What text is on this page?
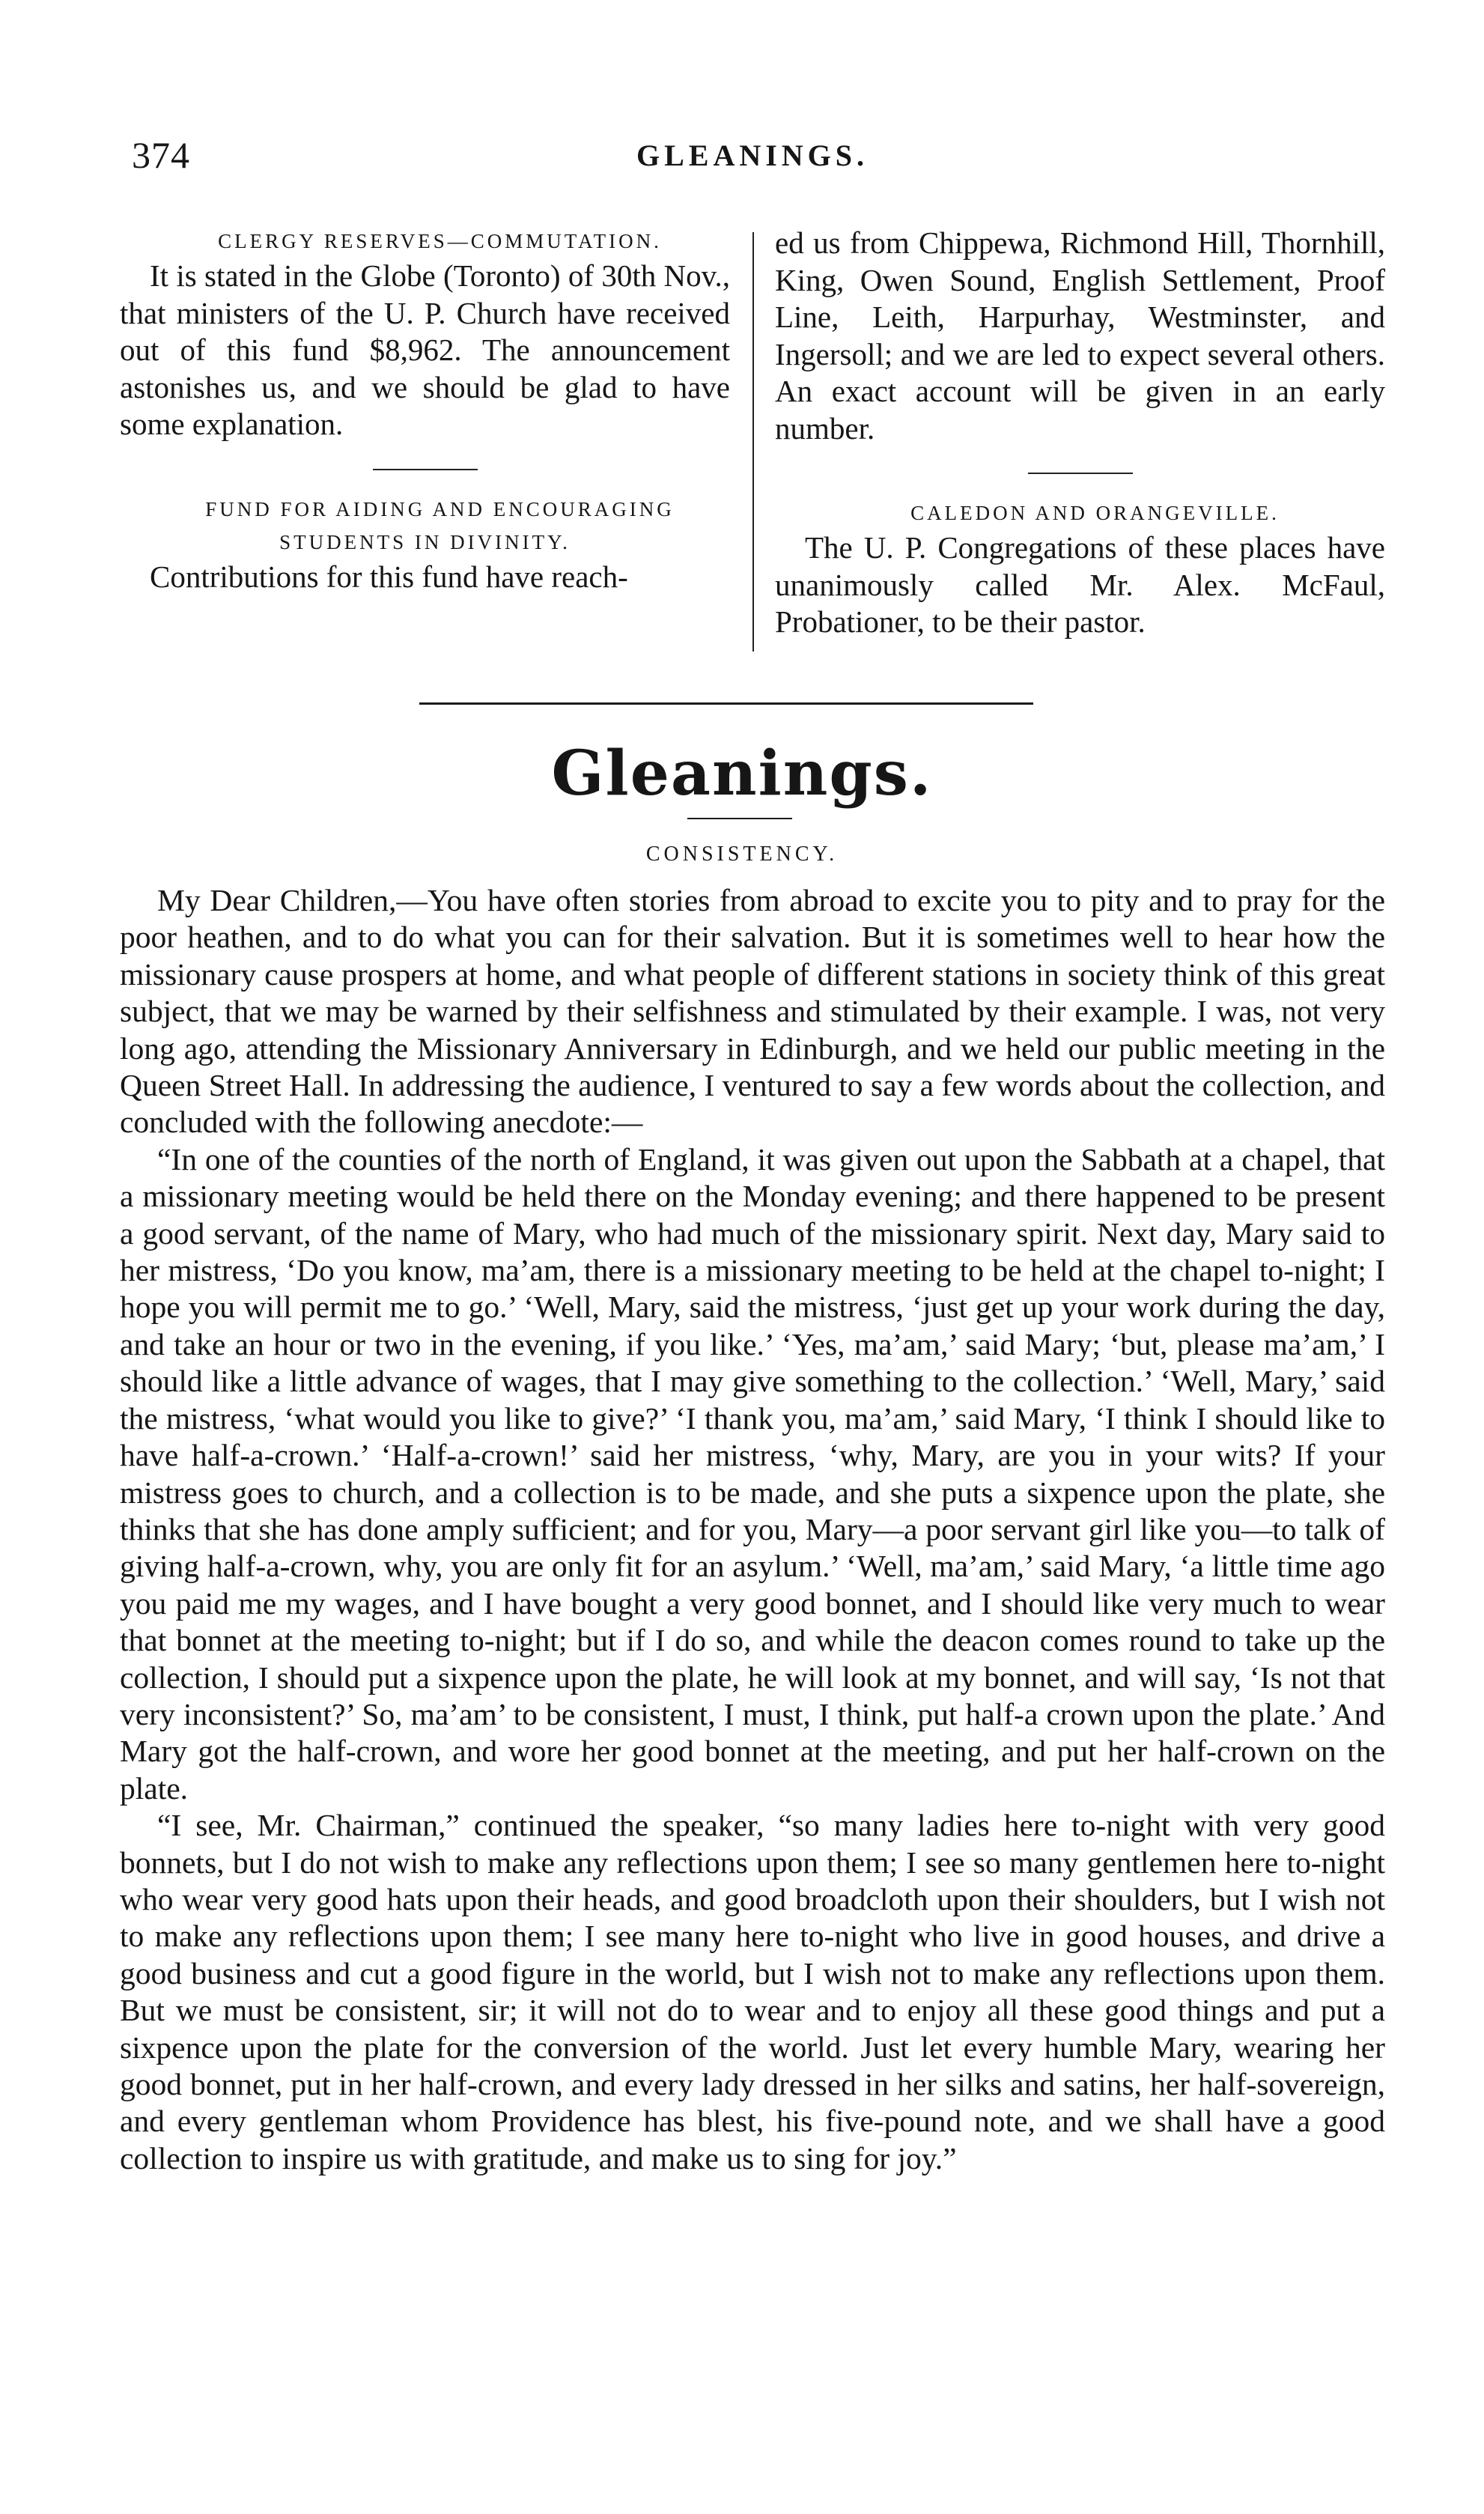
374	GLEANINGS.

CLERGY RESERVES—COMMUTATION.

It is stated in the Globe (Toronto) of 30th Nov., that ministers of the U. P. Church have received out of this fund $8,962. The announcement astonishes us, and we should be glad to have some explanation.

FUND FOR AIDING AND ENCOURAGING STUDENTS IN DIVINITY.

Contributions for this fund have reach-

ed us from Chippewa, Richmond Hill, Thornhill, King, Owen Sound, English Settlement, Proof Line, Leith, Harpurhay, Westminster, and Ingersoll; and we are led to expect several others. An exact account will be given in an early number.

CALEDON AND ORANGEVILLE.

The U. P. Congregations of these places have unanimously called Mr. Alex. McFaul, Probationer, to be their pastor.

Gleanings.
CONSISTENCY.

My Dear Children,—You have often stories from abroad to excite you to pity and to pray for the poor heathen, and to do what you can for their salvation. But it is sometimes well to hear how the missionary cause prospers at home, and what people of different stations in society think of this great subject, that we may be warned by their selfishness and stimulated by their example. I was, not very long ago, attending the Missionary Anniversary in Edinburgh, and we held our public meeting in the Queen Street Hall. In addressing the audience, I ventured to say a few words about the collection, and concluded with the following anecdote:—

“In one of the counties of the north of England, it was given out upon the Sabbath at a chapel, that a missionary meeting would be held there on the Monday evening; and there happened to be present a good servant, of the name of Mary, who had much of the missionary spirit. Next day, Mary said to her mistress, ‘Do you know, ma’am, there is a missionary meeting to be held at the chapel to-night; I hope you will permit me to go.’ ‘Well, Mary, said the mistress, ‘just get up your work during the day, and take an hour or two in the evening, if you like.’ ‘Yes, ma’am,’ said Mary; ‘but, please ma’am,’ I should like a little advance of wages, that I may give something to the collection.’ ‘Well, Mary,’ said the mistress, ‘what would you like to give?’ ‘I thank you, ma’am,’ said Mary, ‘I think I should like to have half-a-crown.’ ‘Half-a-crown!’ said her mistress, ‘why, Mary, are you in your wits? If your mistress goes to church, and a collection is to be made, and she puts a sixpence upon the plate, she thinks that she has done amply sufficient; and for you, Mary—a poor servant girl like you—to talk of giving half-a-crown, why, you are only fit for an asylum.’ ‘Well, ma’am,’ said Mary, ‘a little time ago you paid me my wages, and I have bought a very good bonnet, and I should like very much to wear that bonnet at the meeting to-night; but if I do so, and while the deacon comes round to take up the collection, I should put a sixpence upon the plate, he will look at my bonnet, and will say, ‘Is not that very inconsistent?’ So, ma’am’ to be consistent, I must, I think, put half-a crown upon the plate.’ And Mary got the half-crown, and wore her good bonnet at the meeting, and put her half-crown on the plate.

“I see, Mr. Chairman,” continued the speaker, “so many ladies here to-night with very good bonnets, but I do not wish to make any reflections upon them; I see so many gentlemen here to-night who wear very good hats upon their heads, and good broadcloth upon their shoulders, but I wish not to make any reflections upon them; I see many here to-night who live in good houses, and drive a good business and cut a good figure in the world, but I wish not to make any reflections upon them. But we must be consistent, sir; it will not do to wear and to enjoy all these good things and put a sixpence upon the plate for the conversion of the world. Just let every humble Mary, wearing her good bonnet, put in her half-crown, and every lady dressed in her silks and satins, her half-sovereign, and every gentleman whom Providence has blest, his five-pound note, and we shall have a good collection to inspire us with gratitude, and make us to sing for joy.”
